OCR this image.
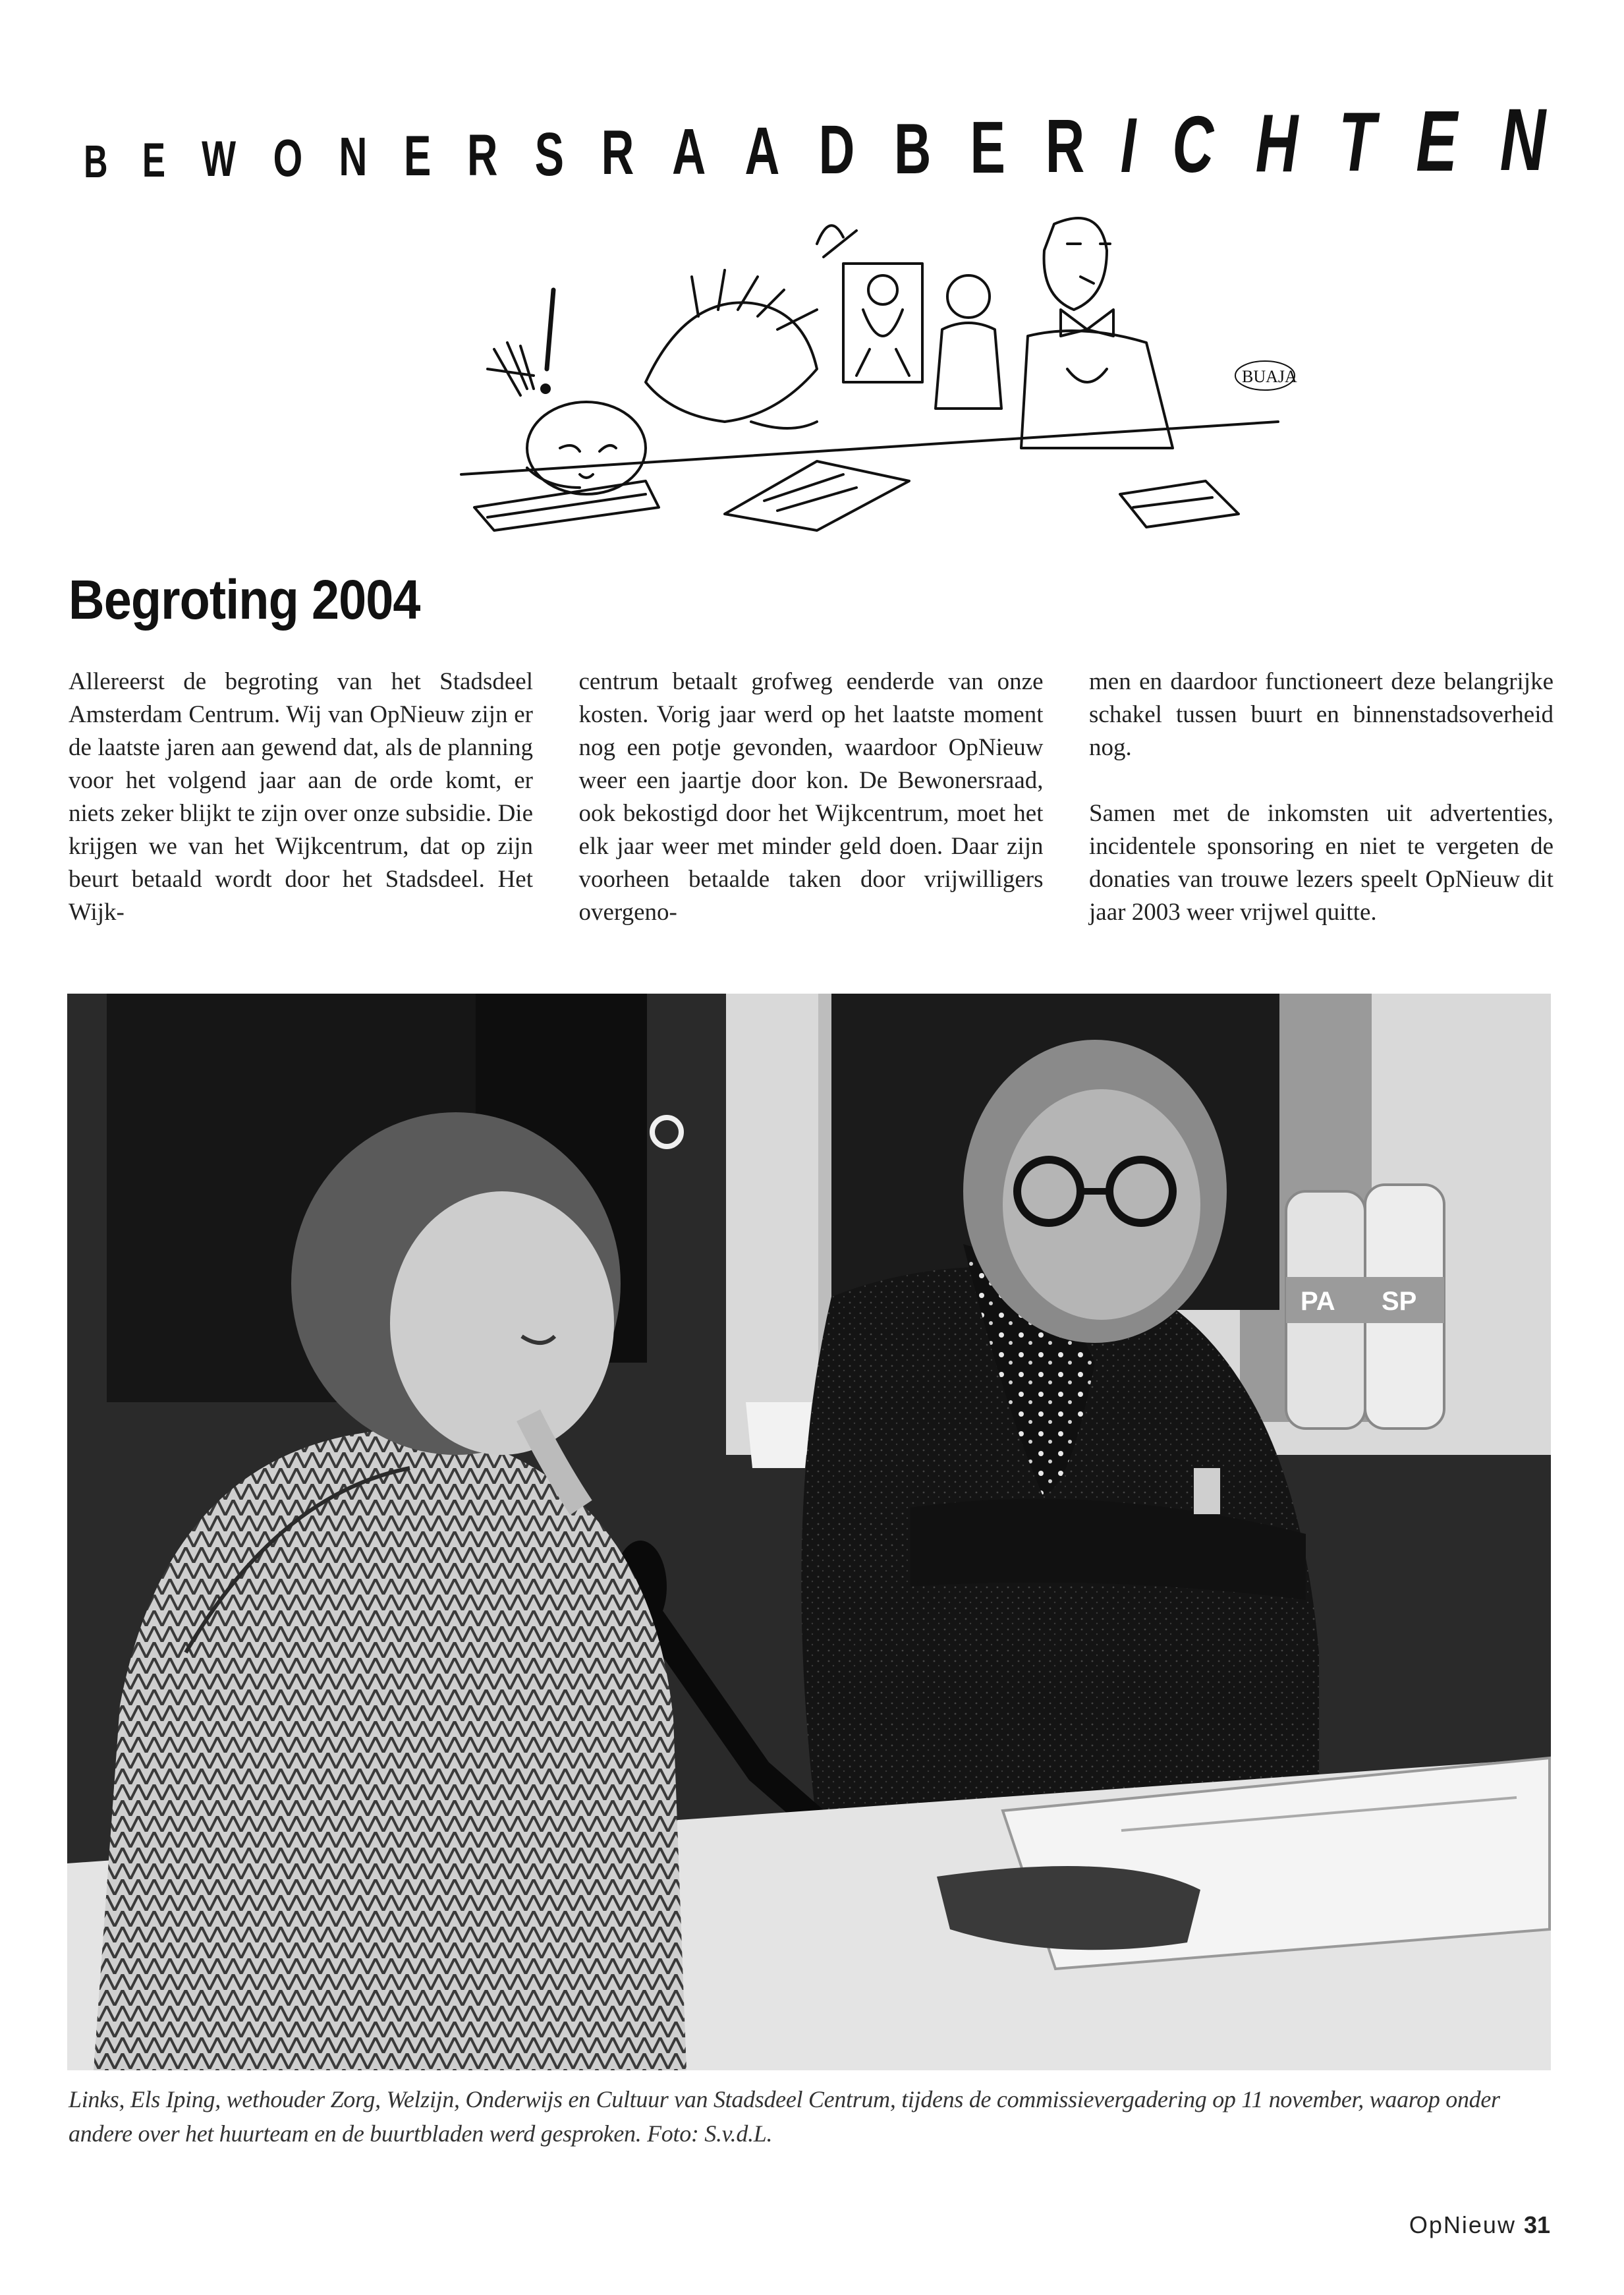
B E W O N E R S R A A D B E R I C H T E N
BUAJA
Begroting 2004

Allereerst de begroting van het Stadsdeel Amsterdam Centrum. Wij van OpNieuw zijn er de laatste jaren aan gewend dat, als de planning voor het volgend jaar aan de orde komt, er niets zeker blijkt te zijn over onze subsidie. Die krijgen we van het Wijkcentrum, dat op zijn beurt betaald wordt door het Stadsdeel. Het Wijk-

centrum betaalt grofweg eenderde van onze kosten. Vorig jaar werd op het laatste moment nog een potje gevonden, waardoor OpNieuw weer een jaartje door kon. De Bewonersraad, ook bekostigd door het Wijkcentrum, moet het elk jaar weer met minder geld doen. Daar zijn voorheen betaalde taken door vrijwilligers overgeno-

men en daardoor functioneert deze belangrijke schakel tussen buurt en binnenstadsoverheid nog.

Samen met de inkomsten uit advertenties, incidentele sponsoring en niet te vergeten de donaties van trouwe lezers speelt OpNieuw dit jaar 2003 weer vrijwel quitte.

PA SP

Links, Els Iping, wethouder Zorg, Welzijn, Onderwijs en Cultuur van Stadsdeel Centrum, tijdens de commissievergadering op 11 november, waarop onder andere over het huurteam en de buurtbladen werd gesproken. Foto: S.v.d.L.

OpNieuw 31
